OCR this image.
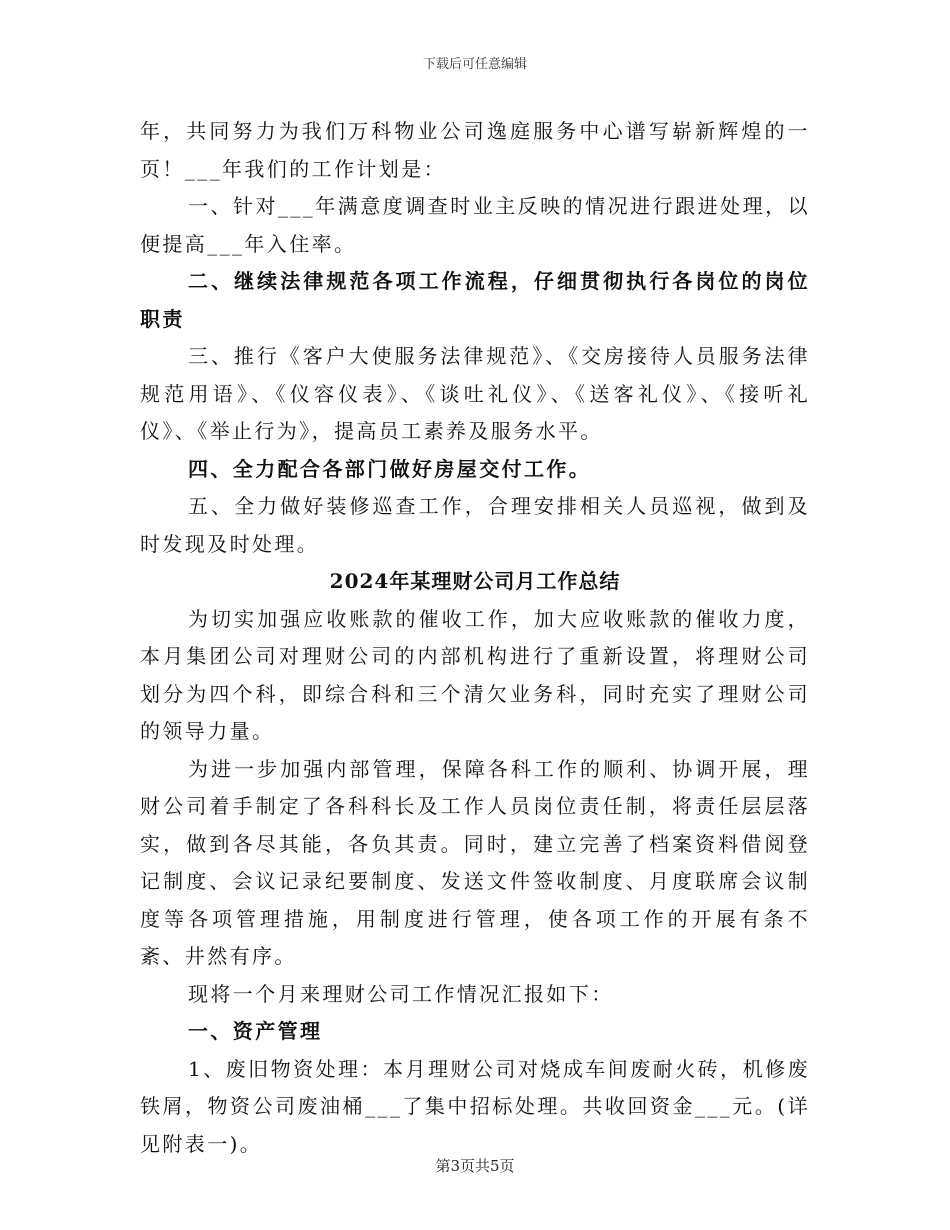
下载后可任意编辑

年，共同努力为我们万科物业公司逸庭服务中心谱写崭新辉煌的一页！___年我们的工作计划是：

一、针对___年满意度调查时业主反映的情况进行跟进处理，以便提高___年入住率。

二、继续法律规范各项工作流程，仔细贯彻执行各岗位的岗位职责

三、推行《客户大使服务法律规范》、《交房接待人员服务法律规范用语》、《仪容仪表》、《谈吐礼仪》、《送客礼仪》、《接听礼仪》、《举止行为》，提高员工素养及服务水平。

四、全力配合各部门做好房屋交付工作。

五、全力做好装修巡查工作，合理安排相关人员巡视，做到及时发现及时处理。

2024年某理财公司月工作总结

为切实加强应收账款的催收工作，加大应收账款的催收力度，本月集团公司对理财公司的内部机构进行了重新设置，将理财公司划分为四个科，即综合科和三个清欠业务科，同时充实了理财公司的领导力量。

为进一步加强内部管理，保障各科工作的顺利、协调开展，理财公司着手制定了各科科长及工作人员岗位责任制，将责任层层落实，做到各尽其能，各负其责。同时，建立完善了档案资料借阅登记制度、会议记录纪要制度、发送文件签收制度、月度联席会议制度等各项管理措施，用制度进行管理，使各项工作的开展有条不紊、井然有序。

现将一个月来理财公司工作情况汇报如下：

一、资产管理

1、废旧物资处理：本月理财公司对烧成车间废耐火砖，机修废铁屑，物资公司废油桶___了集中招标处理。共收回资金___元。(详见附表一)。

第3页共5页
